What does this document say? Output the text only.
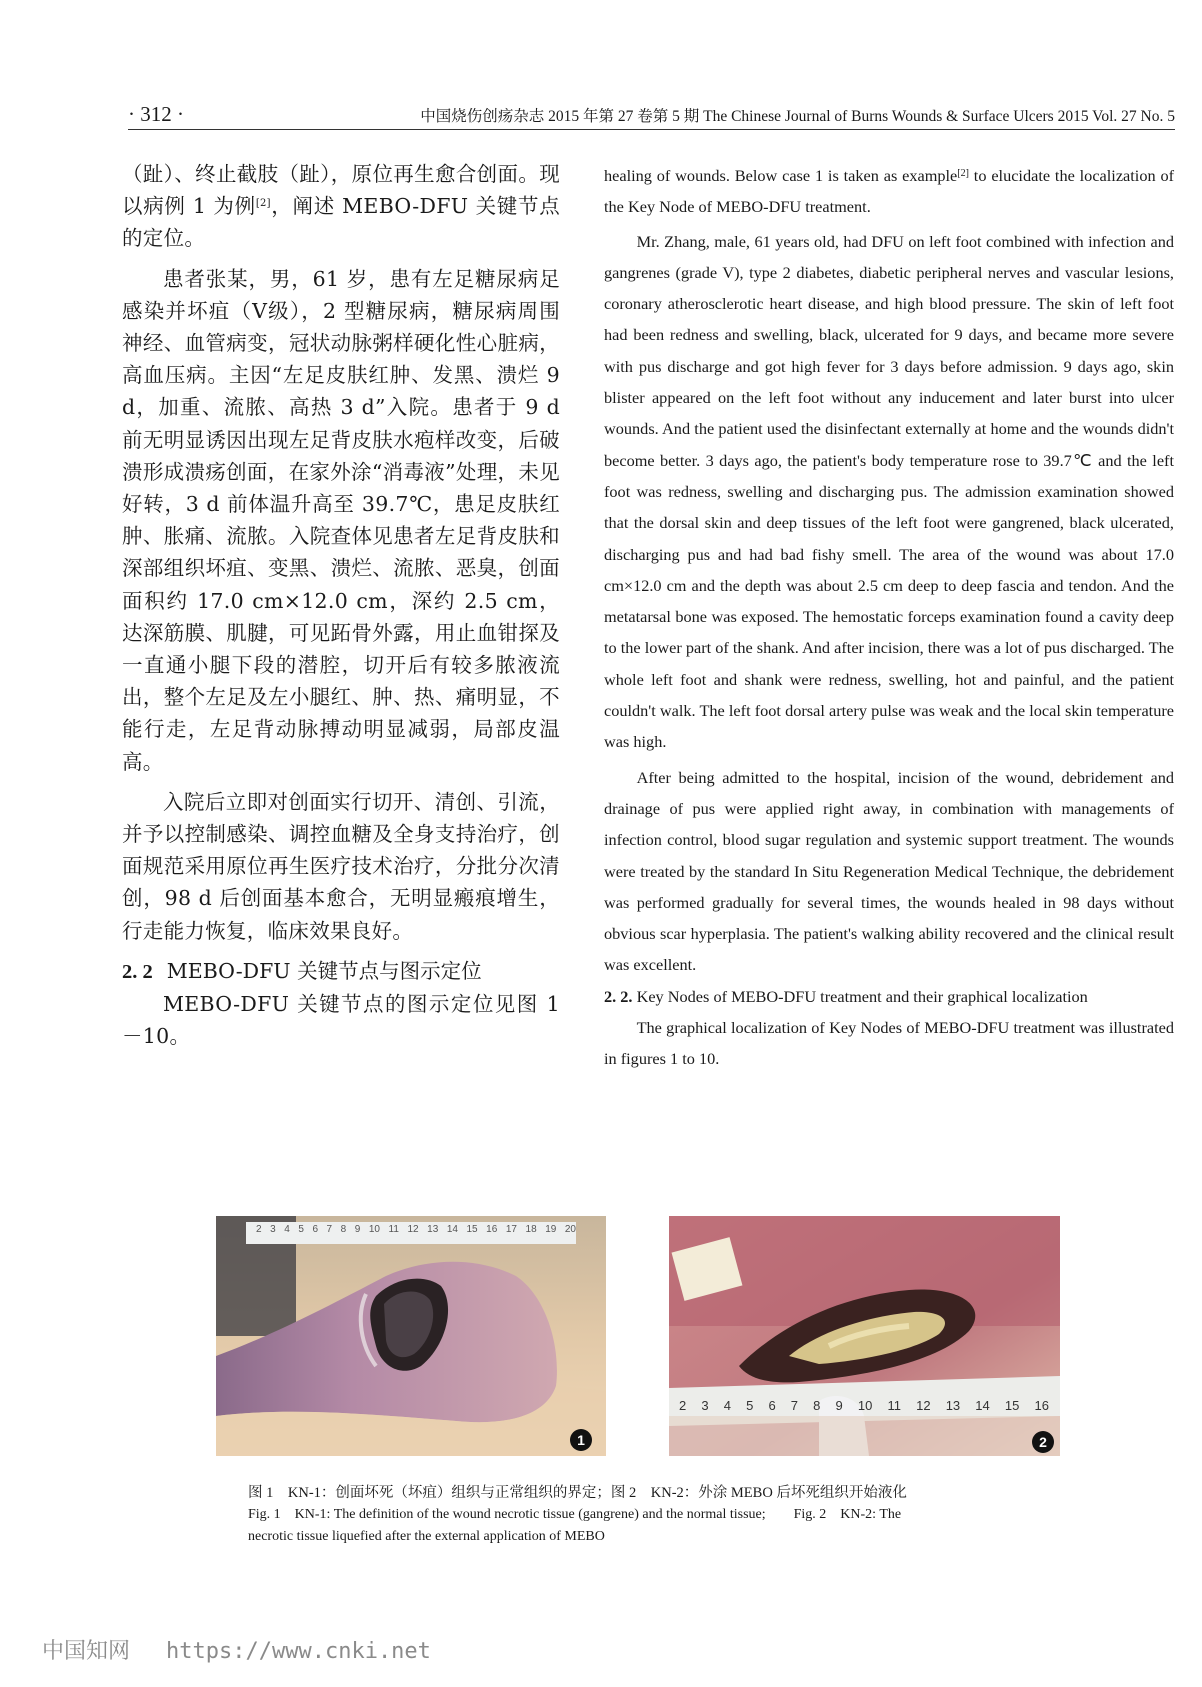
· 312 ·	中国烧伤创疡杂志 2015 年第 27 卷第 5 期 The Chinese Journal of Burns Wounds & Surface Ulcers 2015 Vol. 27 No. 5

（趾）、终止截肢（趾），原位再生愈合创面。现以病例 1 为例[2]，阐述 MEBO-DFU 关键节点的定位。

患者张某，男，61 岁，患有左足糖尿病足感染并坏疽（Ⅴ级），2 型糖尿病，糖尿病周围神经、血管病变，冠状动脉粥样硬化性心脏病，高血压病。主因“左足皮肤红肿、发黑、溃烂 9 d，加重、流脓、高热 3 d”入院。患者于 9 d 前无明显诱因出现左足背皮肤水疱样改变，后破溃形成溃疡创面，在家外涂“消毒液”处理，未见好转，3 d 前体温升高至 39.7℃，患足皮肤红肿、胀痛、流脓。入院查体见患者左足背皮肤和深部组织坏疽、变黑、溃烂、流脓、恶臭，创面面积约 17.0 cm×12.0 cm，深约 2.5 cm，达深筋膜、肌腱，可见跖骨外露，用止血钳探及一直通小腿下段的潜腔，切开后有较多脓液流出，整个左足及左小腿红、肿、热、痛明显，不能行走，左足背动脉搏动明显减弱，局部皮温高。

入院后立即对创面实行切开、清创、引流，并予以控制感染、调控血糖及全身支持治疗，创面规范采用原位再生医疗技术治疗，分批分次清创，98 d 后创面基本愈合，无明显瘢痕增生，行走能力恢复，临床效果良好。

2. 2 MEBO-DFU 关键节点与图示定位

MEBO-DFU 关键节点的图示定位见图 1－10。

healing of wounds. Below case 1 is taken as example[2] to elucidate the localization of the Key Node of MEBO-DFU treatment.

Mr. Zhang, male, 61 years old, had DFU on left foot combined with infection and gangrenes (grade V), type 2 diabetes, diabetic peripheral nerves and vascular lesions, coronary atherosclerotic heart disease, and high blood pressure. The skin of left foot had been redness and swelling, black, ulcerated for 9 days, and became more severe with pus discharge and got high fever for 3 days before admission. 9 days ago, skin blister appeared on the left foot without any inducement and later burst into ulcer wounds. And the patient used the disinfectant externally at home and the wounds didn't become better. 3 days ago, the patient's body temperature rose to 39.7℃ and the left foot was redness, swelling and discharging pus. The admission examination showed that the dorsal skin and deep tissues of the left foot were gangrened, black ulcerated, discharging pus and had bad fishy smell. The area of the wound was about 17.0 cm×12.0 cm and the depth was about 2.5 cm deep to deep fascia and tendon. And the metatarsal bone was exposed. The hemostatic forceps examination found a cavity deep to the lower part of the shank. And after incision, there was a lot of pus discharged. The whole left foot and shank were redness, swelling, hot and painful, and the patient couldn't walk. The left foot dorsal artery pulse was weak and the local skin temperature was high.

After being admitted to the hospital, incision of the wound, debridement and drainage of pus were applied right away, in combination with managements of infection control, blood sugar regulation and systemic support treatment. The wounds were treated by the standard In Situ Regeneration Medical Technique, the debridement was performed gradually for several times, the wounds healed in 98 days without obvious scar hyperplasia. The patient's walking ability recovered and the clinical result was excellent.

2. 2. Key Nodes of MEBO-DFU treatment and their graphical localization

The graphical localization of Key Nodes of MEBO-DFU treatment was illustrated in figures 1 to 10.

2 3 4 5 6 7 8 9 10 11 12 13 14 15 16 17 18 19 20
1
2 3 4 5 6 7 8 9 10 11 12 13 14 15 16
2
图 1　KN-1：创面坏死（坏疽）组织与正常组织的界定；图 2　KN-2：外涂 MEBO 后坏死组织开始液化
Fig. 1　KN-1: The definition of the wound necrotic tissue (gangrene) and the normal tissue;　　Fig. 2　KN-2: The
necrotic tissue liquefied after the external application of MEBO
中国知网 https://www.cnki.net
